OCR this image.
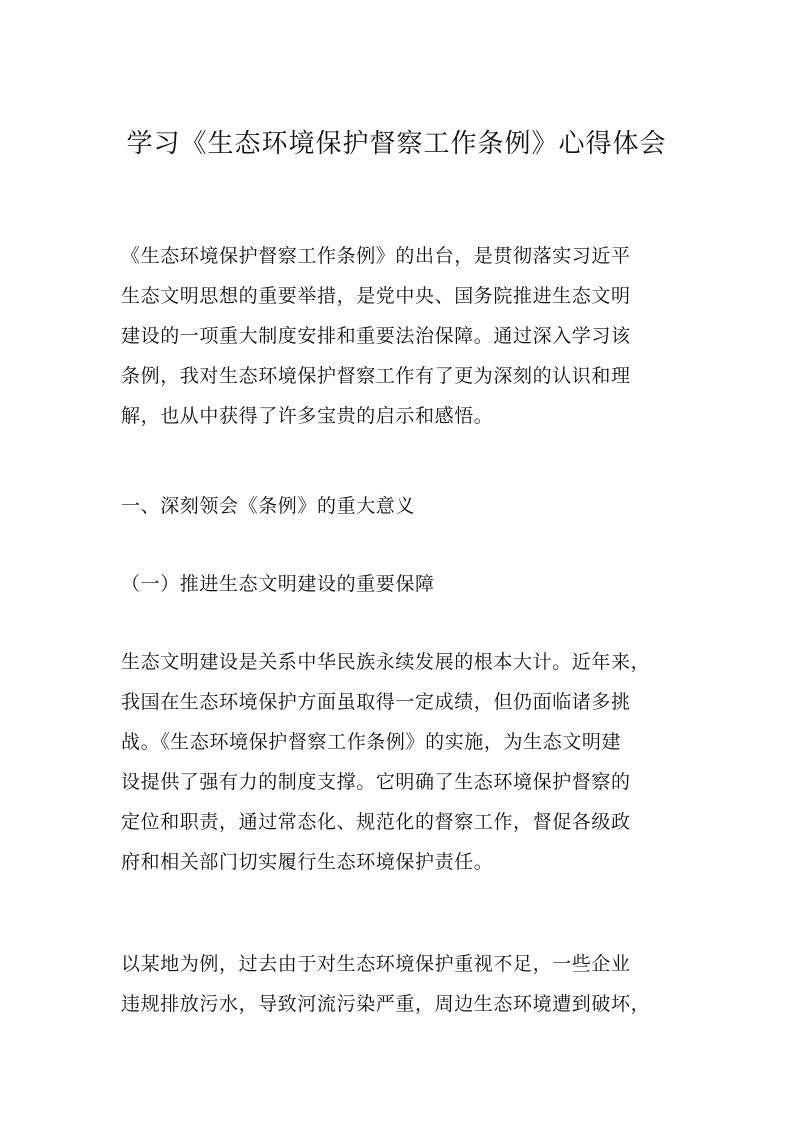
学习《生态环境保护督察工作条例》心得体会

《生态环境保护督察工作条例》的出台，是贯彻落实习近平
生态文明思想的重要举措，是党中央、国务院推进生态文明
建设的一项重大制度安排和重要法治保障。通过深入学习该
条例，我对生态环境保护督察工作有了更为深刻的认识和理
解，也从中获得了许多宝贵的启示和感悟。

一、深刻领会《条例》的重大意义

（一）推进生态文明建设的重要保障

生态文明建设是关系中华民族永续发展的根本大计。近年来，
我国在生态环境保护方面虽取得一定成绩，但仍面临诸多挑
战。《生态环境保护督察工作条例》的实施，为生态文明建
设提供了强有力的制度支撑。它明确了生态环境保护督察的
定位和职责，通过常态化、规范化的督察工作，督促各级政
府和相关部门切实履行生态环境保护责任。

以某地为例，过去由于对生态环境保护重视不足，一些企业
违规排放污水，导致河流污染严重，周边生态环境遭到破坏，
